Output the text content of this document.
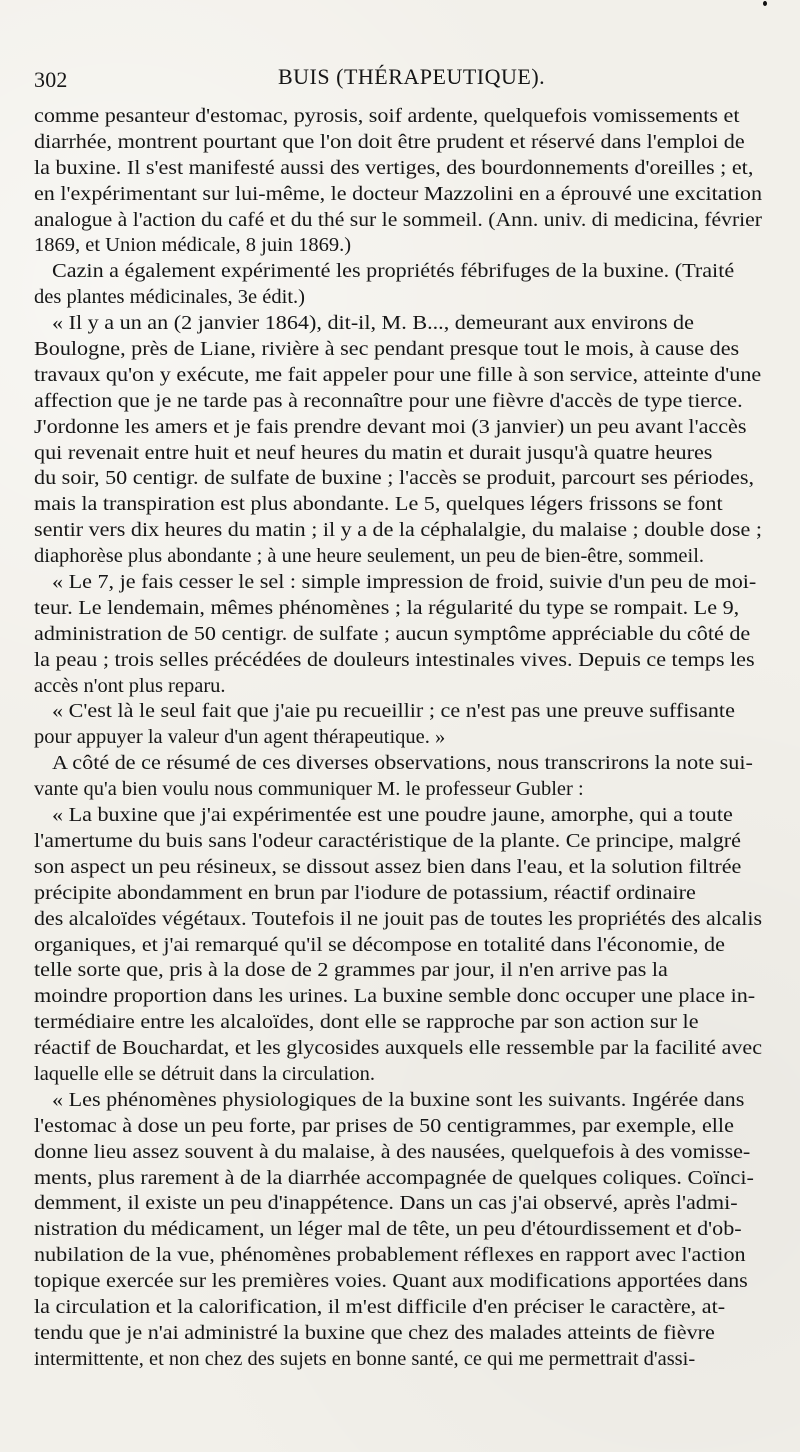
302	BUIS (THÉRAPEUTIQUE).
comme pesanteur d'estomac, pyrosis, soif ardente, quelquefois vomissements et
diarrhée, montrent pourtant que l'on doit être prudent et réservé dans l'emploi de
la buxine. Il s'est manifesté aussi des vertiges, des bourdonnements d'oreilles ; et,
en l'expérimentant sur lui-même, le docteur Mazzolini en a éprouvé une excitation
analogue à l'action du café et du thé sur le sommeil. (Ann. univ. di medicina, février
1869, et Union médicale, 8 juin 1869.)
Cazin a également expérimenté les propriétés fébrifuges de la buxine. (Traité
des plantes médicinales, 3e édit.)
« Il y a un an (2 janvier 1864), dit-il, M. B..., demeurant aux environs de
Boulogne, près de Liane, rivière à sec pendant presque tout le mois, à cause des
travaux qu'on y exécute, me fait appeler pour une fille à son service, atteinte d'une
affection que je ne tarde pas à reconnaître pour une fièvre d'accès de type tierce.
J'ordonne les amers et je fais prendre devant moi (3 janvier) un peu avant l'accès
qui revenait entre huit et neuf heures du matin et durait jusqu'à quatre heures
du soir, 50 centigr. de sulfate de buxine ; l'accès se produit, parcourt ses périodes,
mais la transpiration est plus abondante. Le 5, quelques légers frissons se font
sentir vers dix heures du matin ; il y a de la céphalalgie, du malaise ; double dose ;
diaphorèse plus abondante ; à une heure seulement, un peu de bien-être, sommeil.
« Le 7, je fais cesser le sel : simple impression de froid, suivie d'un peu de moi-
teur. Le lendemain, mêmes phénomènes ; la régularité du type se rompait. Le 9,
administration de 50 centigr. de sulfate ; aucun symptôme appréciable du côté de
la peau ; trois selles précédées de douleurs intestinales vives. Depuis ce temps les
accès n'ont plus reparu.
« C'est là le seul fait que j'aie pu recueillir ; ce n'est pas une preuve suffisante
pour appuyer la valeur d'un agent thérapeutique. »
A côté de ce résumé de ces diverses observations, nous transcrirons la note sui-
vante qu'a bien voulu nous communiquer M. le professeur Gubler :
« La buxine que j'ai expérimentée est une poudre jaune, amorphe, qui a toute
l'amertume du buis sans l'odeur caractéristique de la plante. Ce principe, malgré
son aspect un peu résineux, se dissout assez bien dans l'eau, et la solution filtrée
précipite abondamment en brun par l'iodure de potassium, réactif ordinaire
des alcaloïdes végétaux. Toutefois il ne jouit pas de toutes les propriétés des alcalis
organiques, et j'ai remarqué qu'il se décompose en totalité dans l'économie, de
telle sorte que, pris à la dose de 2 grammes par jour, il n'en arrive pas la
moindre proportion dans les urines. La buxine semble donc occuper une place in-
termédiaire entre les alcaloïdes, dont elle se rapproche par son action sur le
réactif de Bouchardat, et les glycosides auxquels elle ressemble par la facilité avec
laquelle elle se détruit dans la circulation.
« Les phénomènes physiologiques de la buxine sont les suivants. Ingérée dans
l'estomac à dose un peu forte, par prises de 50 centigrammes, par exemple, elle
donne lieu assez souvent à du malaise, à des nausées, quelquefois à des vomisse-
ments, plus rarement à de la diarrhée accompagnée de quelques coliques. Coïnci-
demment, il existe un peu d'inappétence. Dans un cas j'ai observé, après l'admi-
nistration du médicament, un léger mal de tête, un peu d'étourdissement et d'ob-
nubilation de la vue, phénomènes probablement réflexes en rapport avec l'action
topique exercée sur les premières voies. Quant aux modifications apportées dans
la circulation et la calorification, il m'est difficile d'en préciser le caractère, at-
tendu que je n'ai administré la buxine que chez des malades atteints de fièvre
intermittente, et non chez des sujets en bonne santé, ce qui me permettrait d'assi-
